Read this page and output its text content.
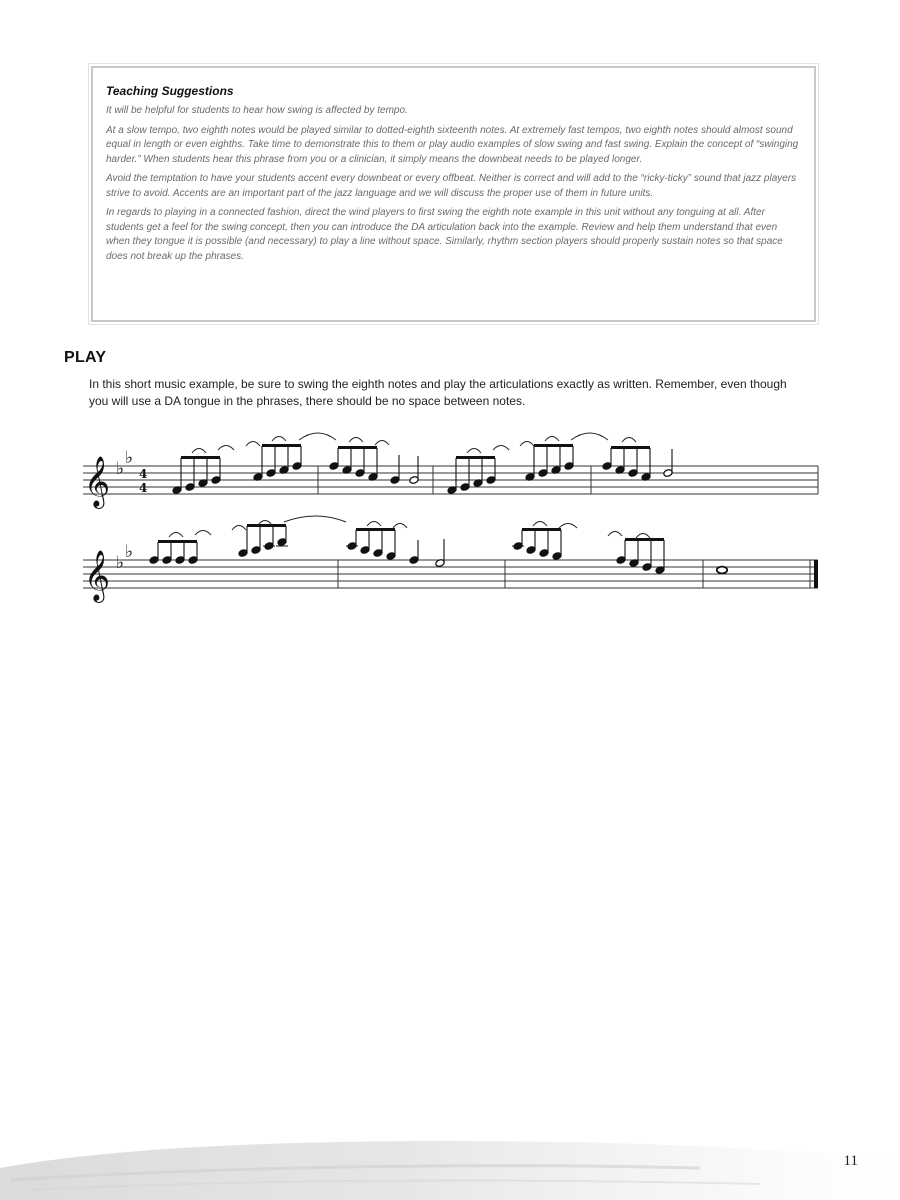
Teaching Suggestions

It will be helpful for students to hear how swing is affected by tempo.

At a slow tempo, two eighth notes would be played similar to dotted-eighth sixteenth notes. At extremely fast tempos, two eighth notes should almost sound equal in length or even eighths. Take time to demonstrate this to them or play audio examples of slow swing and fast swing. Explain the concept of “swinging harder.” When students hear this phrase from you or a clinician, it simply means the downbeat needs to be played longer.

Avoid the temptation to have your students accent every downbeat or every offbeat. Neither is correct and will add to the “ricky-ticky” sound that jazz players strive to avoid. Accents are an important part of the jazz language and we will discuss the proper use of them in future units.

In regards to playing in a connected fashion, direct the wind players to first swing the eighth note example in this unit without any tonguing at all. After students get a feel for the swing concept, then you can introduce the DA articulation back into the example. Review and help them understand that even when they tongue it is possible (and necessary) to play a line without space. Similarly, rhythm section players should properly sustain notes so that space does not break up the phrases.

PLAY

In this short music example, be sure to swing the eighth notes and play the articulations exactly as written. Remember, even though you will use a DA tongue in the phrases, there should be no space between notes.

𝄞 ♭
♭
4
4
𝄞 ♭
♭
11
